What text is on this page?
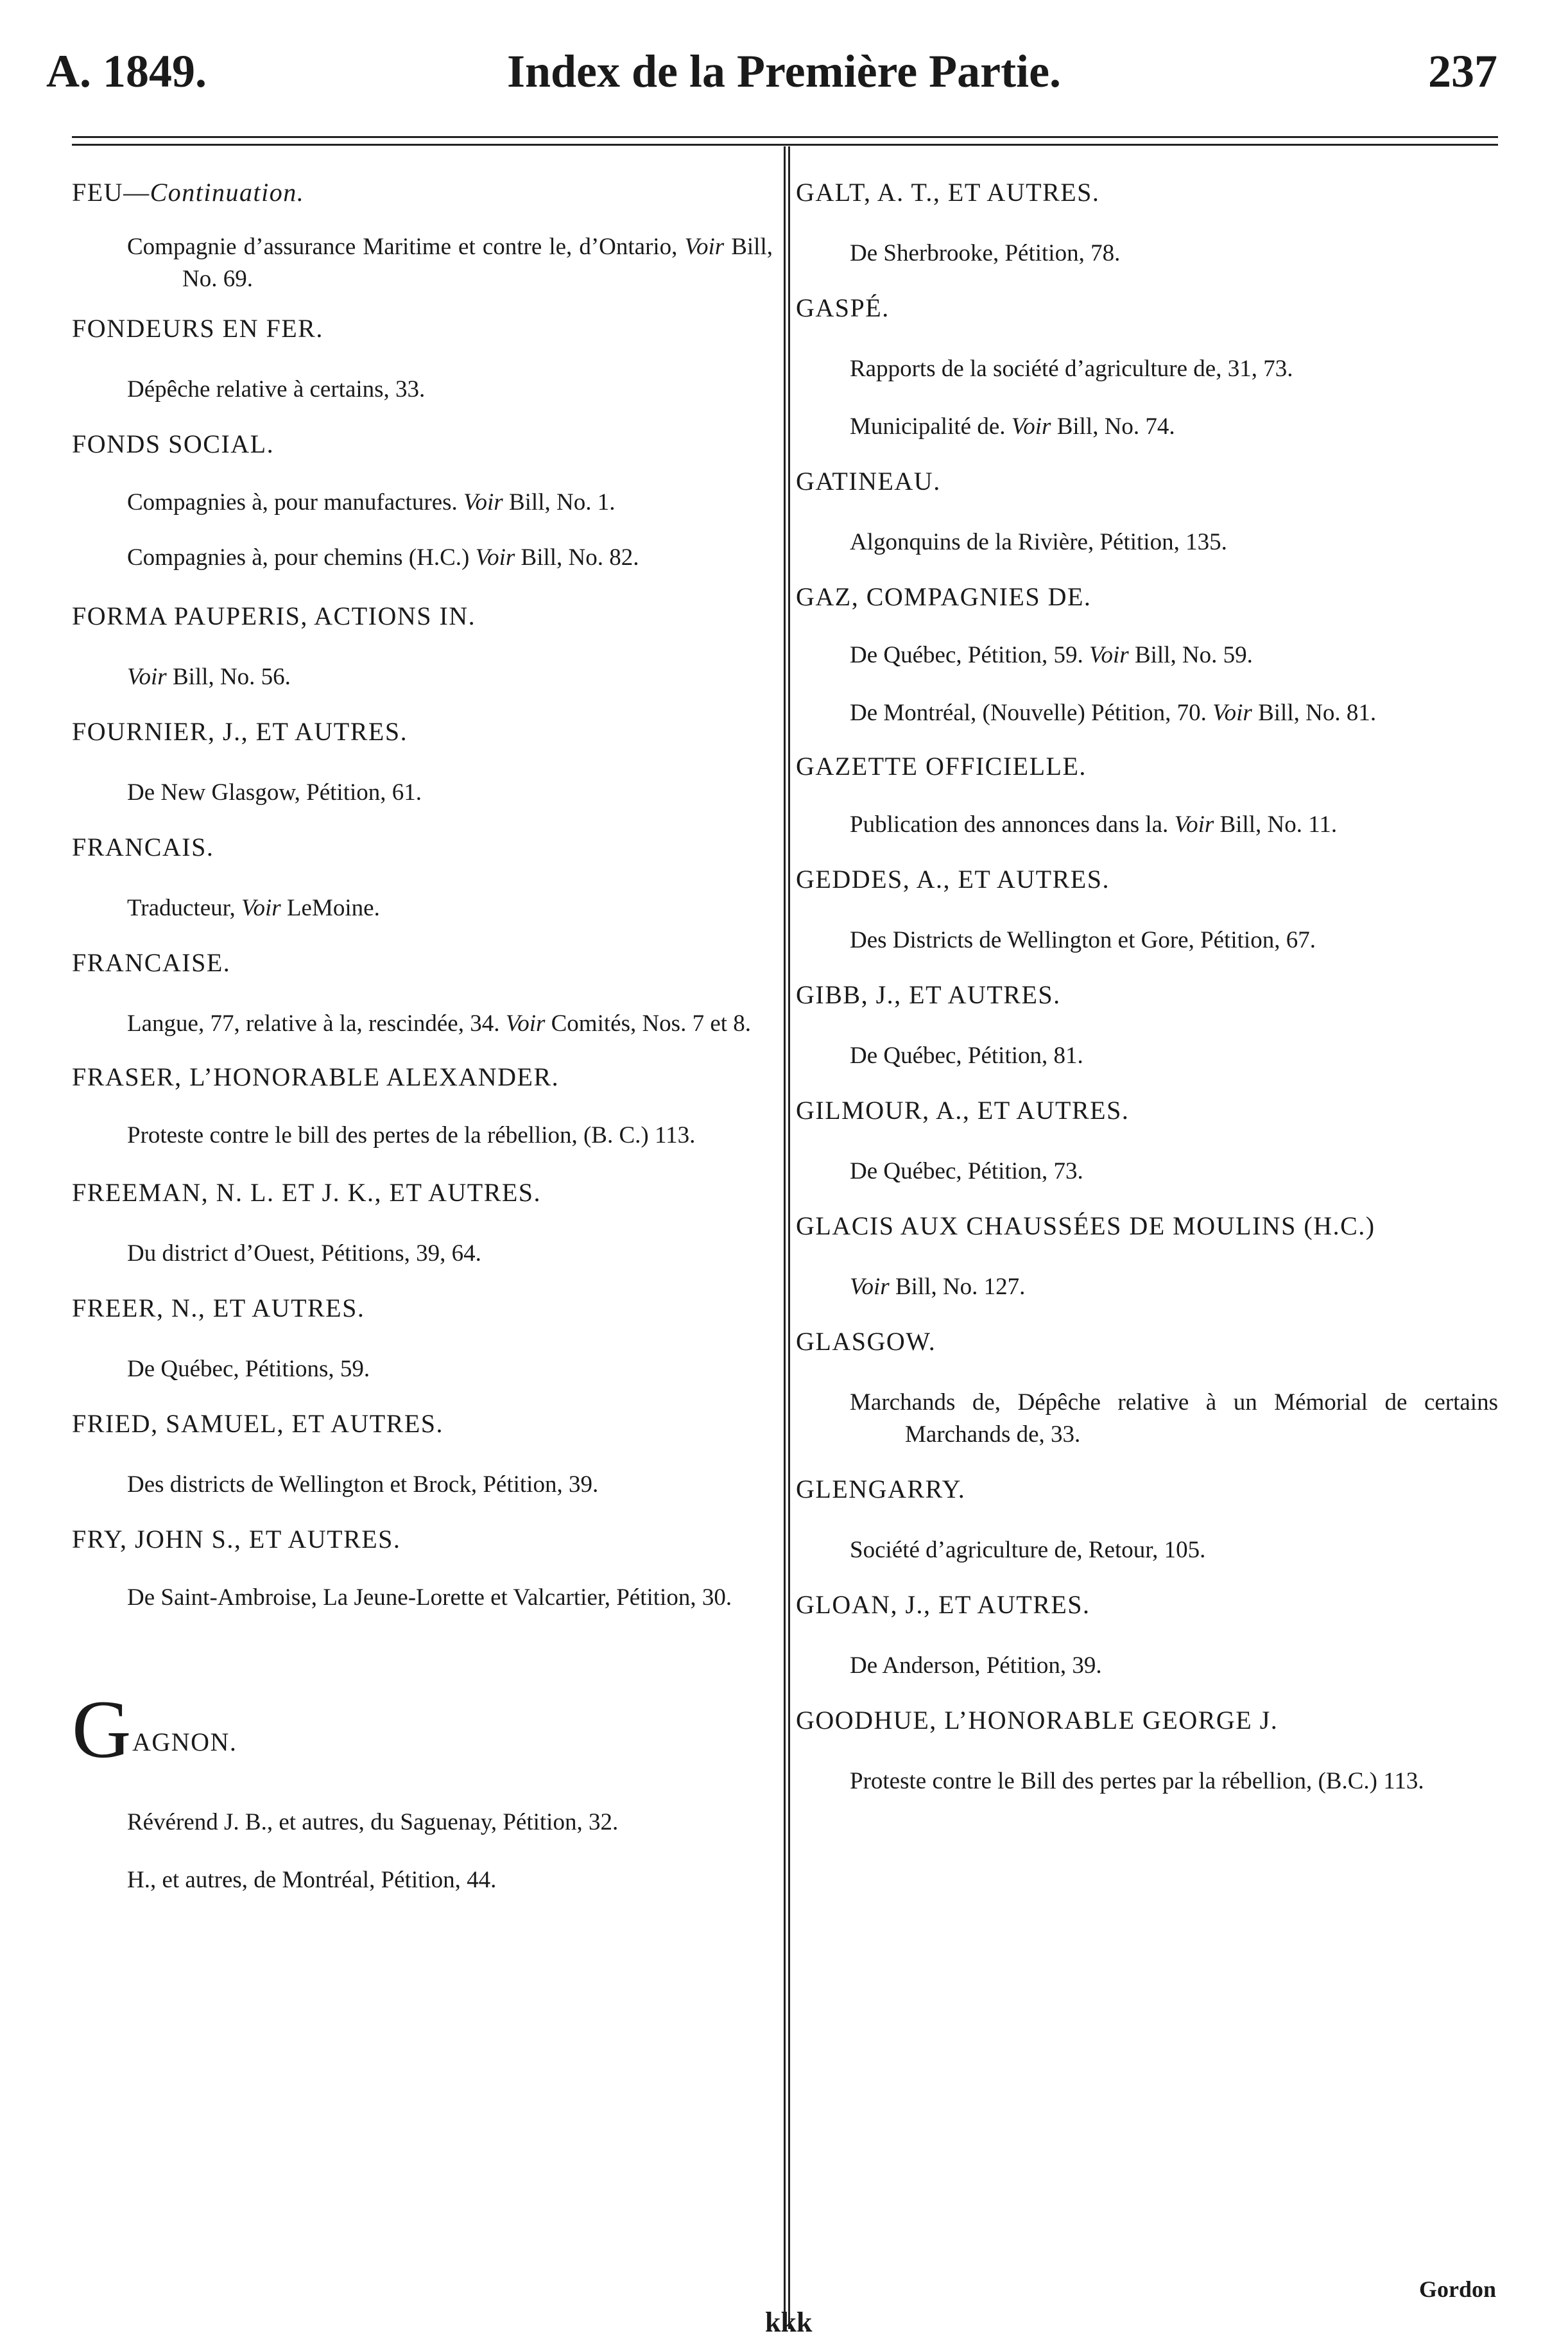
Index de la Première Partie.
A. 1849.	237
FEU—Continuation.
Compagnie d’assurance Maritime et contre le, d’Ontario, Voir Bill, No. 69.
FONDEURS EN FER.
Dépêche relative à certains, 33.
FONDS SOCIAL.
Compagnies à, pour manufactures. Voir Bill, No. 1.
Compagnies à, pour chemins (H.C.) Voir Bill, No. 82.
FORMA PAUPERIS, ACTIONS IN.
Voir Bill, No. 56.
FOURNIER, J., ET AUTRES.
De New Glasgow, Pétition, 61.
FRANCAIS.
Traducteur, Voir LeMoine.
FRANCAISE.
Langue, 77, relative à la, rescindée, 34. Voir Comités, Nos. 7 et 8.
FRASER, L’HONORABLE ALEXANDER.
Proteste contre le bill des pertes de la rébellion, (B. C.) 113.
FREEMAN, N. L. ET J. K., ET AUTRES.
Du district d’Ouest, Pétitions, 39, 64.
FREER, N., ET AUTRES.
De Québec, Pétitions, 59.
FRIED, SAMUEL, ET AUTRES.
Des districts de Wellington et Brock, Pétition, 39.
FRY, JOHN S., ET AUTRES.
De Saint-Ambroise, La Jeune-Lorette et Valcartier, Pétition, 30.
GAGNON.
Révérend J. B., et autres, du Saguenay, Pétition, 32.
H., et autres, de Montréal, Pétition, 44.
GALT, A. T., ET AUTRES.
De Sherbrooke, Pétition, 78.
GASPÉ.
Rapports de la société d’agriculture de, 31, 73.
Municipalité de. Voir Bill, No. 74.
GATINEAU.
Algonquins de la Rivière, Pétition, 135.
GAZ, COMPAGNIES DE.
De Québec, Pétition, 59. Voir Bill, No. 59.
De Montréal, (Nouvelle) Pétition, 70. Voir Bill, No. 81.
GAZETTE OFFICIELLE.
Publication des annonces dans la. Voir Bill, No. 11.
GEDDES, A., ET AUTRES.
Des Districts de Wellington et Gore, Pétition, 67.
GIBB, J., ET AUTRES.
De Québec, Pétition, 81.
GILMOUR, A., ET AUTRES.
De Québec, Pétition, 73.
GLACIS AUX CHAUSSÉES DE MOULINS (H.C.)
Voir Bill, No. 127.
GLASGOW.
Marchands de, Dépêche relative à un Mémorial de certains Marchands de, 33.
GLENGARRY.
Société d’agriculture de, Retour, 105.
GLOAN, J., ET AUTRES.
De Anderson, Pétition, 39.
GOODHUE, L’HONORABLE GEORGE J.
Proteste contre le Bill des pertes par la rébellion, (B.C.) 113.
Gordon
kkk
